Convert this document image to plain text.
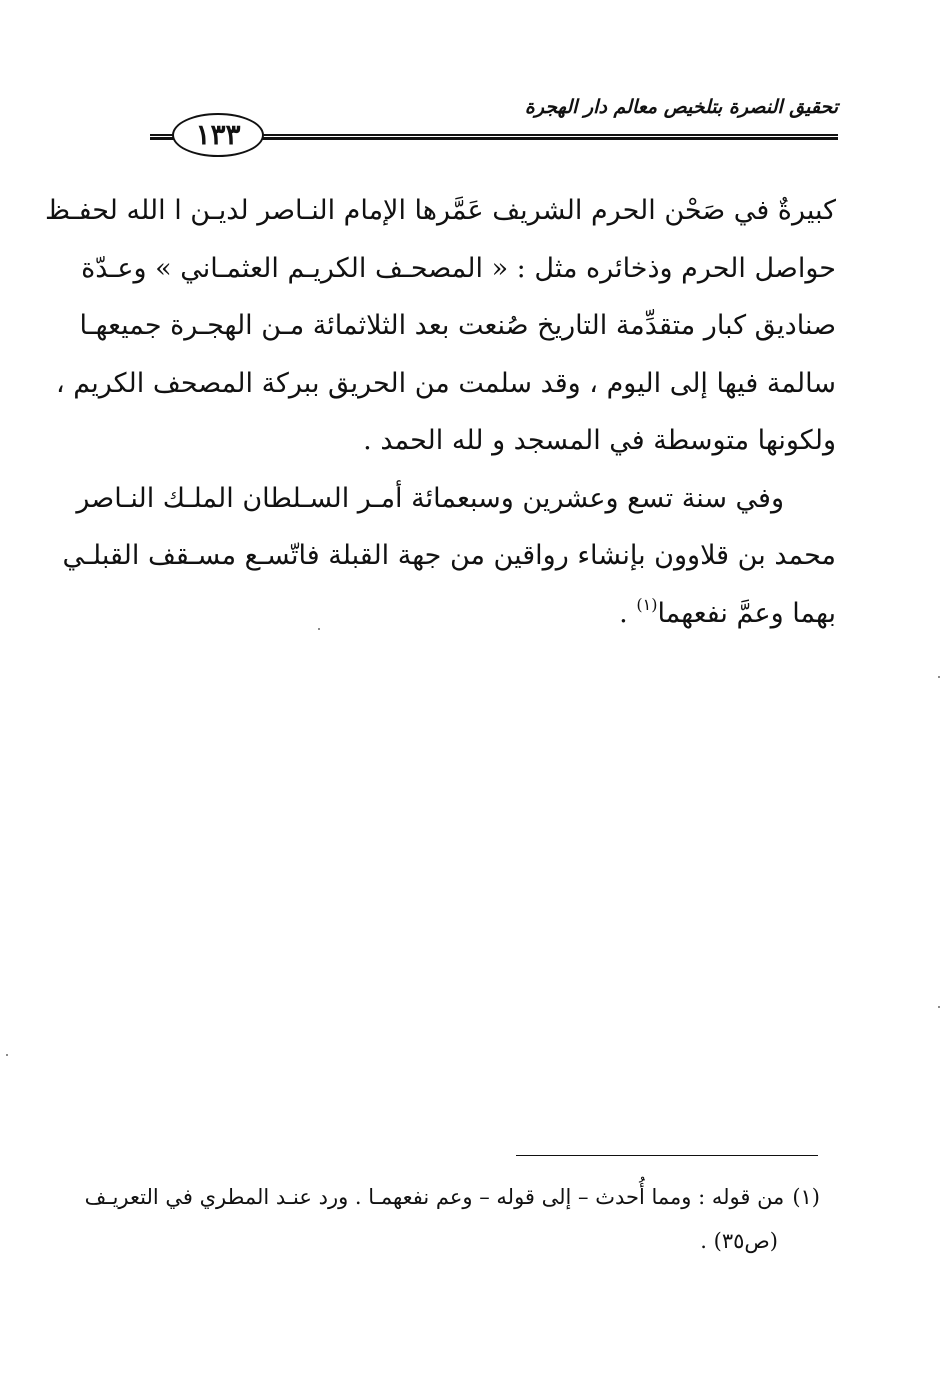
تحقيق النصرة بتلخيص معالم دار الهجرة
١٣٣
كبيرةٌ في صَحْن الحرم الشريف عَمَّرها الإمام النـاصر لديـن ا الله لحفـظ
حواصل الحرم وذخائره مثل : « المصحـف الكريـم العثمـاني » وعـدّة
صناديق كبار متقدِّمة التاريخ صُنعت بعد الثلاثمائة مـن الهجـرة جميعهـا
سالمة فيها إلى اليوم ، وقد سلمت من الحريق ببركة المصحف الكريم ،
ولكونها متوسطة في المسجد و لله الحمد .
وفي سنة تسع وعشرين وسبعمائة أمـر السـلطان الملـك النـاصر
محمد بن قلاوون بإنشاء رواقين من جهة القبلة فاتّسـع مسـقف القبلـي
بهما وعمَّ نفعهما$^{(١)}$ .
(١)من قوله : ومما أُحدث – إلى قوله – وعم نفعهمـا . ورد عنـد المطري في التعريـف
(ص٣٥) .
